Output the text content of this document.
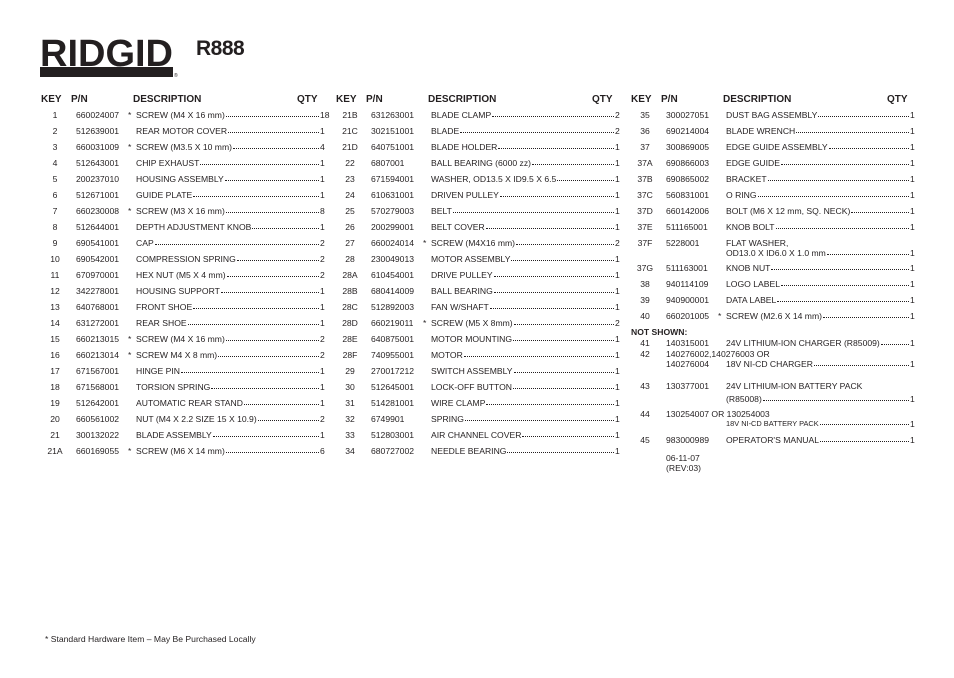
RIDGID
®
R888
KEY P/N	DESCRIPTION	QTY
1	660024007 * SCREW (M4 X 16 mm)	18
2	512639001 REAR MOTOR COVER	1
3	660031009 * SCREW (M3.5 X 10 mm)	4
4	512643001 CHIP EXHAUST	1
5	200237010 HOUSING ASSEMBLY	1
6	512671001 GUIDE PLATE	1
7	660230008 * SCREW (M3 X 16 mm)	8
8	512644001 DEPTH ADJUSTMENT KNOB	1
9	690541001 CAP	2
10	690542001 COMPRESSION SPRING	2
11	670970001 HEX NUT (M5 X 4 mm)	2
12	342278001 HOUSING SUPPORT	1
13	640768001 FRONT SHOE	1
14	631272001 REAR SHOE	1
15	660213015 * SCREW (M4 X 16 mm)	2
16	660213014 * SCREW M4 X 8 mm)	2
17	671567001 HINGE PIN	1
18	671568001 TORSION SPRING	1
19	512642001 AUTOMATIC REAR STAND	1
20	660561002 NUT (M4 X 2.2 SIZE 15 X 10.9)	2
21	300132022 BLADE ASSEMBLY	1
21A	660169055 * SCREW (M6 X 14 mm)	6
KEY P/N	DESCRIPTION	QTY
21B	631263001 BLADE CLAMP	2
21C	302151001 BLADE	2
21D	640751001 BLADE HOLDER	1
22	6807001	BALL BEARING (6000 zz)	1
23	671594001 WASHER, OD13.5 X ID9.5 X 6.5	1
24	610631001 DRIVEN PULLEY	1
25	570279003 BELT	1
26	200299001 BELT COVER	1
27	660024014 * SCREW (M4X16 mm)	2
28	230049013 MOTOR ASSEMBLY	1
28A	610454001 DRIVE PULLEY	1
28B	680414009 BALL BEARING	1
28C	512892003 FAN W/SHAFT	1
28D	660219011 * SCREW (M5 X 8mm)	2
28E	640875001 MOTOR MOUNTING	1
28F	740955001 MOTOR	1
29	270017212 SWITCH ASSEMBLY	1
30	512645001 LOCK-OFF BUTTON	1
31	514281001 WIRE CLAMP	1
32	6749901	SPRING	1
33	512803001 AIR CHANNEL COVER	1
34	680727002 NEEDLE BEARING	1
KEY P/N	DESCRIPTION	QTY
35	300027051 DUST BAG ASSEMBLY	1
36	690214004 BLADE WRENCH	1
37	300869005 EDGE GUIDE ASSEMBLY	1
37A	690866003 EDGE GUIDE	1
37B	690865002 BRACKET	1
37C	560831001 O RING	1
37D	660142006 BOLT (M6 X 12 mm, SQ. NECK)	1
37E	511165001 KNOB BOLT	1
37F	5228001	FLAT WASHER,
OD13.0 X ID6.0 X 1.0 mm	1
37G	511163001 KNOB NUT	1
38	940114109 LOGO LABEL	1
39	940900001 DATA LABEL	1
40	660201005 * SCREW (M2.6 X 14 mm)	1
NOT SHOWN:
41	140315001 24V LITHIUM-ION CHARGER (R85009)	1
42	140276002,140276003 OR
140276004 18V NI-CD CHARGER	1
43	130377001 24V LITHIUM-ION BATTERY PACK
(R85008)	1
44	130254007 OR 130254003
18V NI-CD BATTERY PACK	1
45	983000989 OPERATOR'S MANUAL	1
06-11-07
(REV:03)
* Standard Hardware Item – May Be Purchased Locally
